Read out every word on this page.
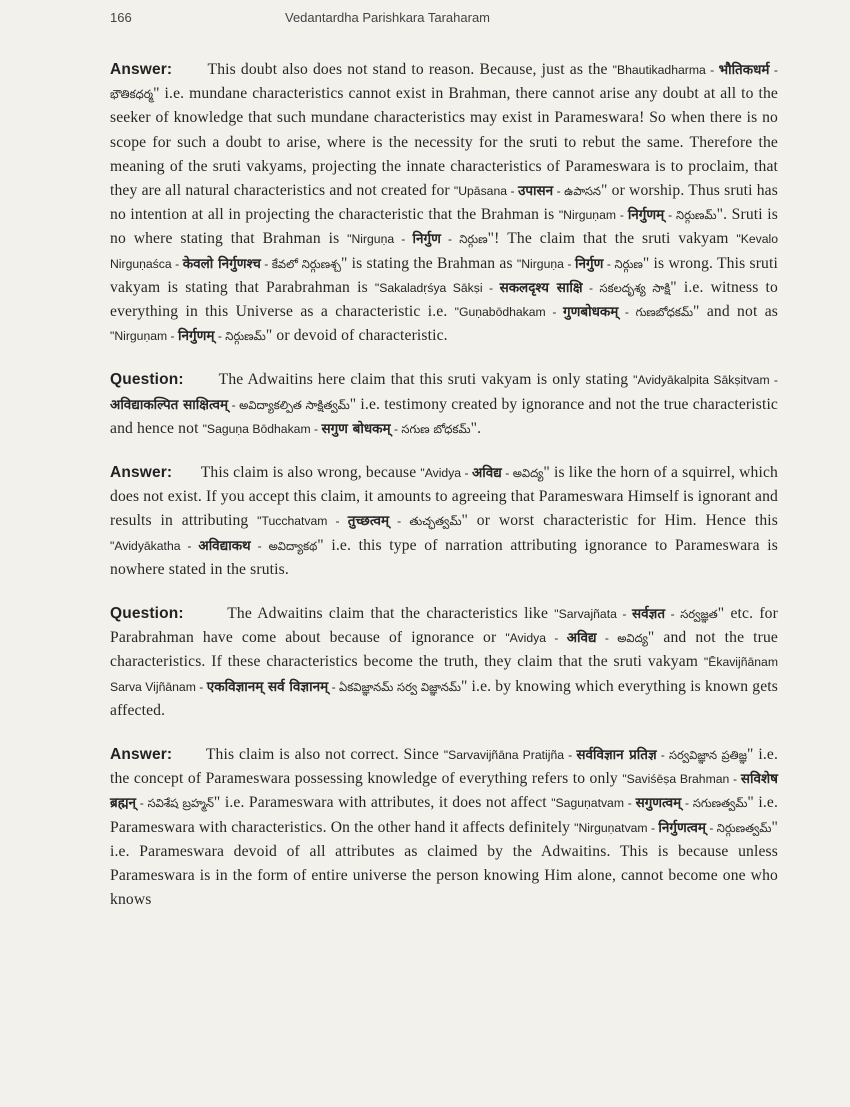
166	Vedantardha Parishkara Taraharam

Answer: This doubt also does not stand to reason. Because, just as the "Bhautikadharma - भौतिकधर्म - భౌతికధర్మ" i.e. mundane characteristics cannot exist in Brahman, there cannot arise any doubt at all to the seeker of knowledge that such mundane characteristics may exist in Parameswara! So when there is no scope for such a doubt to arise, where is the necessity for the sruti to rebut the same. Therefore the meaning of the sruti vakyams, projecting the innate characteristics of Parameswara is to proclaim, that they are all natural characteristics and not created for "Upāsana - उपासन - ఉపాసన" or worship. Thus sruti has no intention at all in projecting the characteristic that the Brahman is "Nirguṇam - निर्गुणम् - నిర్గుణమ్". Sruti is no where stating that Brahman is "Nirguṇa - निर्गुण - నిర్గుణ"! The claim that the sruti vakyam "Kevalo Nirguṇaśca - केवलो निर्गुणश्च - కేవలో నిర్గుణశ్చ" is stating the Brahman as "Nirguṇa - निर्गुण - నిర్గుణ" is wrong. This sruti vakyam is stating that Parabrahman is "Sakaladṛśya Sākṣi - सकलदृश्य साक्षि - సకలదృశ్య సాక్షి" i.e. witness to everything in this Universe as a characteristic i.e. "Guṇabōdhakam - गुणबोधकम् - గుణబోధకమ్" and not as "Nirguṇam - निर्गुणम् - నిర్గుణమ్" or devoid of characteristic.

Question: The Adwaitins here claim that this sruti vakyam is only stating "Avidyākalpita Sākṣitvam - अविद्याकल्पित साक्षित्वम् - అవిద్యాకల్పిత సాక్షిత్వమ్" i.e. testimony created by ignorance and not the true characteristic and hence not "Saguṇa Bōdhakam - सगुण बोधकम् - సగుణ బోధకమ్".

Answer: This claim is also wrong, because "Avidya - अविद्य - అవిద్య" is like the horn of a squirrel, which does not exist. If you accept this claim, it amounts to agreeing that Parameswara Himself is ignorant and results in attributing "Tucchatvam - तुच्छत्वम् - తుచ్ఛత్వమ్" or worst characteristic for Him. Hence this "Avidyākatha - अविद्याकथ - అవిద్యాకథ" i.e. this type of narration attributing ignorance to Parameswara is nowhere stated in the srutis.

Question:	The Adwaitins claim that the characteristics like "Sarvajñata - सर्वज्ञत - సర్వజ్ఞత" etc. for Parabrahman have come about because of ignorance or "Avidya - अविद्य - అవిద్య" and not the true characteristics. If these characteristics become the truth, they claim that the sruti vakyam "Ēkavijñānam Sarva Vijñānam - एकविज्ञानम् सर्व विज्ञानम् - ఏకవిజ్ఞానమ్ సర్వ విజ్ఞానమ్" i.e. by knowing which everything is known gets affected.

Answer: This claim is also not correct. Since "Sarvavijñāna Pratijña - सर्वविज्ञान प्रतिज्ञ - సర్వవిజ్ఞాన ప్రతిజ్ఞ" i.e. the concept of Parameswara possessing knowledge of everything refers to only "Saviśēṣa Brahman - सविशेष ब्रह्मन् - సవిశేష బ్రహ్మన్" i.e. Parameswara with attributes, it does not affect "Saguṇatvam - सगुणत्वम् - సగుణత్వమ్" i.e. Parameswara with characteristics. On the other hand it affects definitely "Nirguṇatvam - निर्गुणत्वम् - నిర్గుణత్వమ్" i.e. Parameswara devoid of all attributes as claimed by the Adwaitins. This is because unless Parameswara is in the form of entire universe the person knowing Him alone, cannot become one who knows
